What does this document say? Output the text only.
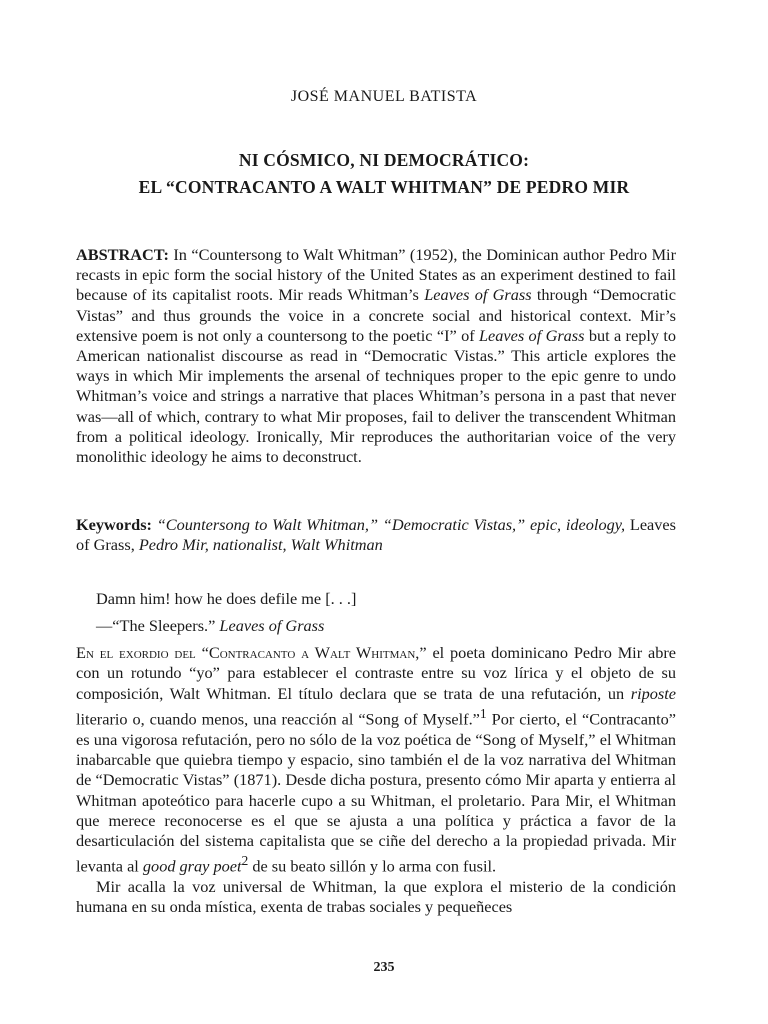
JOSÉ MANUEL BATISTA
NI CÓSMICO, NI DEMOCRÁTICO:
EL “CONTRACANTO A WALT WHITMAN” DE PEDRO MIR
ABSTRACT: In “Countersong to Walt Whitman” (1952), the Dominican author Pedro Mir recasts in epic form the social history of the United States as an experiment destined to fail because of its capitalist roots. Mir reads Whitman’s Leaves of Grass through “Democratic Vistas” and thus grounds the voice in a concrete social and historical context. Mir’s extensive poem is not only a countersong to the poetic “I” of Leaves of Grass but a reply to American nationalist discourse as read in “Democratic Vistas.” This article explores the ways in which Mir implements the arsenal of techniques proper to the epic genre to undo Whitman’s voice and strings a narrative that places Whitman’s persona in a past that never was—all of which, contrary to what Mir proposes, fail to deliver the transcendent Whitman from a political ideology. Ironically, Mir reproduces the authoritarian voice of the very monolithic ideology he aims to deconstruct.
Keywords: “Countersong to Walt Whitman,” “Democratic Vistas,” epic, ideology, Leaves of Grass, Pedro Mir, nationalist, Walt Whitman
Damn him! how he does defile me [. . .]
—“The Sleepers.” Leaves of Grass

En el exordio del “Contracanto a Walt Whitman,” el poeta dominicano Pedro Mir abre con un rotundo “yo” para establecer el contraste entre su voz lírica y el objeto de su composición, Walt Whitman. El título declara que se trata de una refutación, un riposte literario o, cuando menos, una reacción al “Song of Myself.”$^1$ Por cierto, el “Contracanto” es una vigorosa refutación, pero no sólo de la voz poética de “Song of Myself,” el Whitman inabarcable que quiebra tiempo y espacio, sino también el de la voz narrativa del Whitman de “Democratic Vistas” (1871). Desde dicha postura, presento cómo Mir aparta y entierra al Whitman apoteótico para hacerle cupo a su Whitman, el proletario. Para Mir, el Whitman que merece reconocerse es el que se ajusta a una política y práctica a favor de la desarticulación del sistema capitalista que se ciñe del derecho a la propiedad privada. Mir levanta al good gray poet$^2$ de su beato sillón y lo arma con fusil.

Mir acalla la voz universal de Whitman, la que explora el misterio de la condición humana en su onda mística, exenta de trabas sociales y pequeñeces

235
